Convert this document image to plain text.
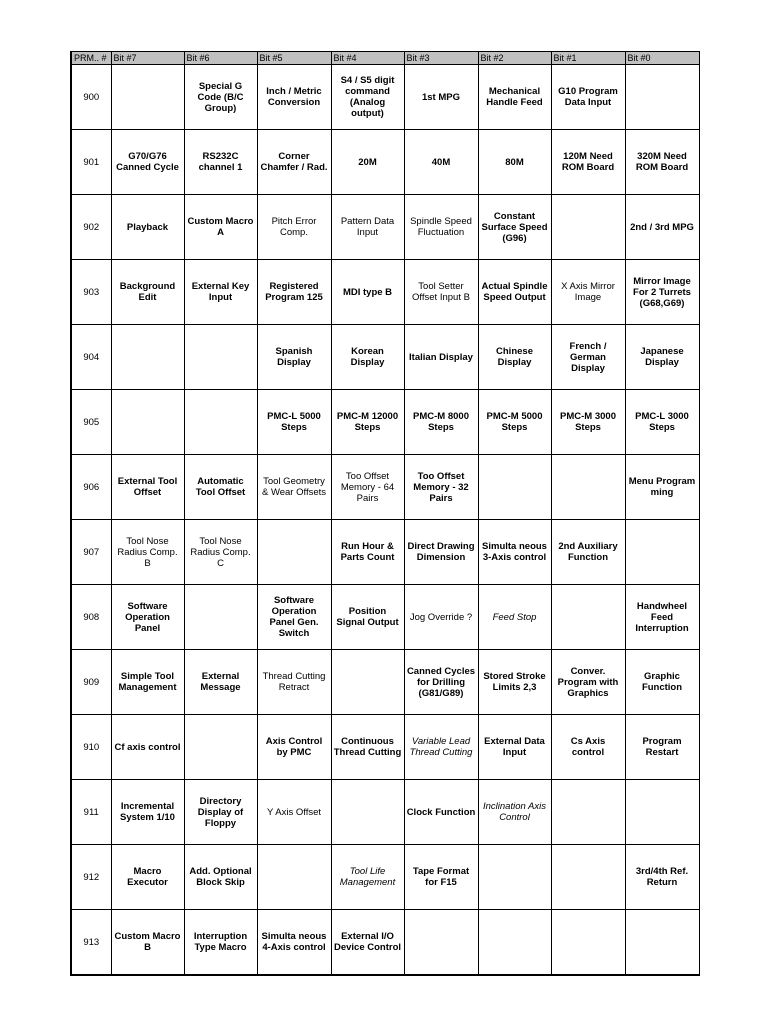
PRM.. #	Bit #7	Bit #6	Bit #5	Bit #4	Bit #3	Bit #2	Bit #1	Bit #0
900		Special G Code (B/C Group)	Inch / Metric Conversion	S4 / S5 digit command (Analog output)	1st MPG	Mechanical Handle Feed	G10 Program Data Input	
901	G70/G76 Canned Cycle	RS232C channel 1	Corner Chamfer / Rad.	20M	40M	80M	120M Need ROM Board	320M Need ROM Board
902	Playback	Custom Macro A	Pitch Error Comp.	Pattern Data Input	Spindle Speed Fluctuation	Constant Surface Speed (G96)		2nd / 3rd MPG
903	Background Edit	External Key Input	Registered Program 125	MDI type B	Tool Setter Offset Input B	Actual Spindle Speed Output	X Axis Mirror Image	Mirror Image For 2 Turrets (G68,G69)
904			Spanish Display	Korean Display	Italian Display	Chinese Display	French / German Display	Japanese Display
905			PMC-L 5000 Steps	PMC-M 12000 Steps	PMC-M 8000 Steps	PMC-M 5000 Steps	PMC-M 3000 Steps	PMC-L 3000 Steps
906	External Tool Offset	Automatic Tool Offset	Tool Geometry & Wear Offsets	Too Offset Memory - 64 Pairs	Too Offset Memory - 32 Pairs			Menu Program ming
907	Tool Nose Radius Comp. B	Tool Nose Radius Comp. C		Run Hour & Parts Count	Direct Drawing Dimension	Simulta neous 3-Axis control	2nd Auxiliary Function	
908	Software Operation Panel		Software Operation Panel Gen. Switch	Position Signal Output	Jog Override ?	Feed Stop		Handwheel Feed Interruption
909	Simple Tool Management	External Message	Thread Cutting Retract		Canned Cycles for Drilling (G81/G89)	Stored Stroke Limits 2,3	Conver. Program with Graphics	Graphic Function
910	Cf axis control		Axis Control by PMC	Continuous Thread Cutting	Variable Lead Thread Cutting	External Data Input	Cs Axis control	Program Restart
911	Incremental System 1/10	Directory Display of Floppy	Y Axis Offset		Clock Function	Inclination Axis Control		
912	Macro Executor	Add. Optional Block Skip		Tool Life Management	Tape Format for F15			3rd/4th Ref. Return
913	Custom Macro B	Interruption Type Macro	Simulta neous 4-Axis control	External I/O Device Control				
